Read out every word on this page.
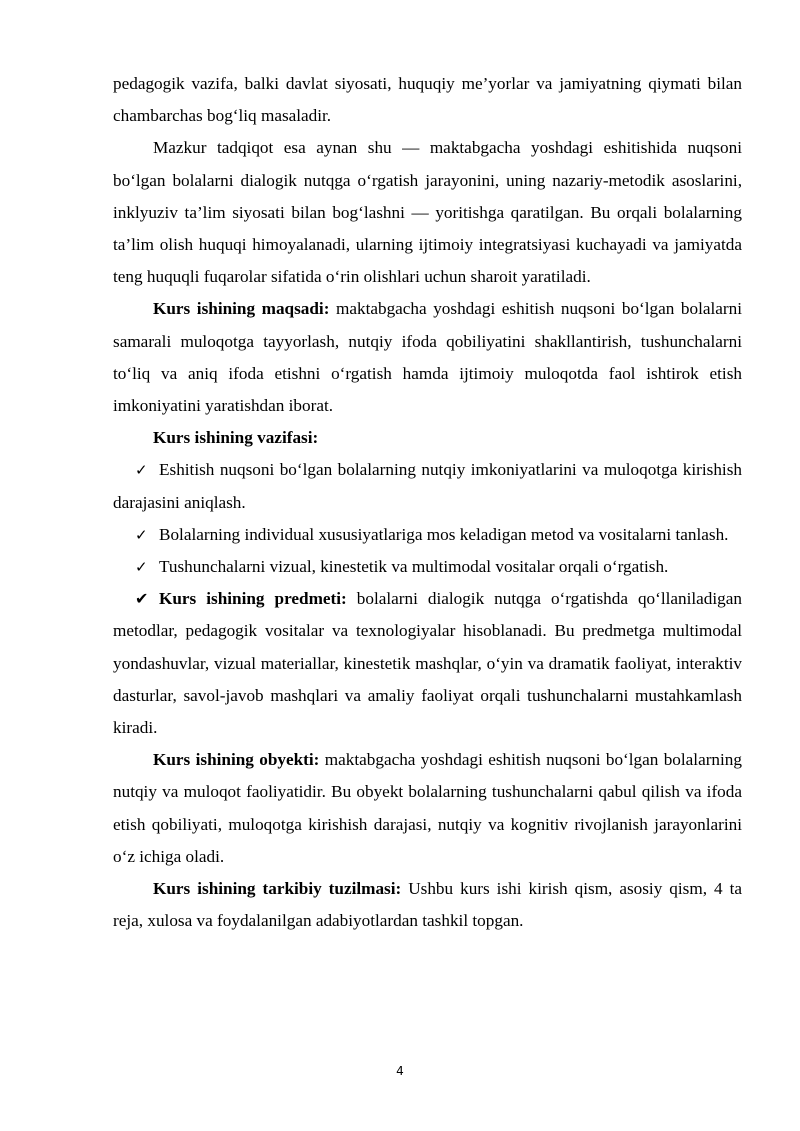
pedagogik vazifa, balki davlat siyosati, huquqiy me’yorlar va jamiyatning qiymati bilan chambarchas bog‘liq masaladir.

Mazkur tadqiqot esa aynan shu — maktabgacha yoshdagi eshitishida nuqsoni bo‘lgan bolalarni dialogik nutqga o‘rgatish jarayonini, uning nazariy-metodik asoslarini, inklyuziv ta’lim siyosati bilan bog‘lashni — yoritishga qaratilgan. Bu orqali bolalarning ta’lim olish huquqi himoyalanadi, ularning ijtimoiy integratsiyasi kuchayadi va jamiyatda teng huquqli fuqarolar sifatida o‘rin olishlari uchun sharoit yaratiladi.

Kurs ishining maqsadi: maktabgacha yoshdagi eshitish nuqsoni bo‘lgan bolalarni samarali muloqotga tayyorlash, nutqiy ifoda qobiliyatini shakllantirish, tushunchalarni to‘liq va aniq ifoda etishni o‘rgatish hamda ijtimoiy muloqotda faol ishtirok etish imkoniyatini yaratishdan iborat.

Kurs ishining vazifasi:

✓ Eshitish nuqsoni bo‘lgan bolalarning nutqiy imkoniyatlarini va muloqotga kirishish darajasini aniqlash.

✓ Bolalarning individual xususiyatlariga mos keladigan metod va vositalarni tanlash.

✓ Tushunchalarni vizual, kinestetik va multimodal vositalar orqali o‘rgatish.

✔ Kurs ishining predmeti: bolalarni dialogik nutqga o‘rgatishda qo‘llaniladigan metodlar, pedagogik vositalar va texnologiyalar hisoblanadi. Bu predmetga multimodal yondashuvlar, vizual materiallar, kinestetik mashqlar, o‘yin va dramatik faoliyat, interaktiv dasturlar, savol-javob mashqlari va amaliy faoliyat orqali tushunchalarni mustahkamlash kiradi.

Kurs ishining obyekti: maktabgacha yoshdagi eshitish nuqsoni bo‘lgan bolalarning nutqiy va muloqot faoliyatidir. Bu obyekt bolalarning tushunchalarni qabul qilish va ifoda etish qobiliyati, muloqotga kirishish darajasi, nutqiy va kognitiv rivojlanish jarayonlarini o‘z ichiga oladi.

Kurs ishining tarkibiy tuzilmasi: Ushbu kurs ishi kirish qism, asosiy qism, 4 ta reja, xulosa va foydalanilgan adabiyotlardan tashkil topgan.

4
